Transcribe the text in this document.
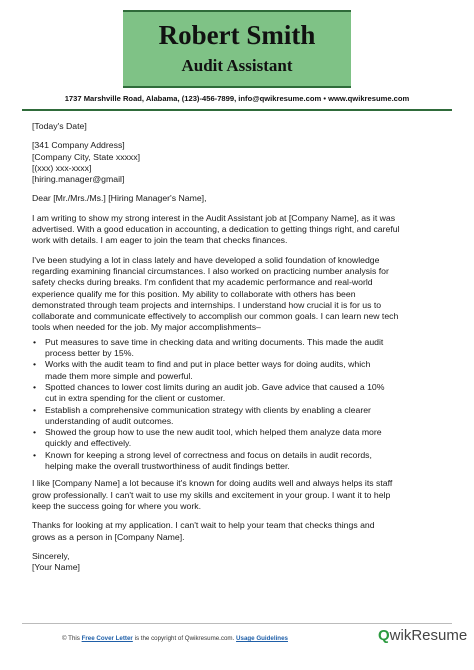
Robert Smith
Audit Assistant
1737 Marshville Road, Alabama, (123)-456-7899, info@qwikresume.com • www.qwikresume.com
[Today's Date]
[341 Company Address]
[Company City, State xxxxx]
[(xxx) xxx-xxxx]
[hiring.manager@gmail]
Dear [Mr./Mrs./Ms.] [Hiring Manager's Name],
I am writing to show my strong interest in the Audit Assistant job at [Company Name], as it was
advertised. With a good education in accounting, a dedication to getting things right, and careful
work with details. I am eager to join the team that checks finances.
I've been studying a lot in class lately and have developed a solid foundation of knowledge
regarding examining financial circumstances. I also worked on practicing number analysis for
safety checks during breaks. I'm confident that my academic performance and real-world
experience qualify me for this position. My ability to collaborate with others has been
demonstrated through team projects and internships. I understand how crucial it is for us to
collaborate and communicate effectively to accomplish our common goals. I can learn new tech
tools when needed for the job. My major accomplishments–
• Put measures to save time in checking data and writing documents. This made the audit
process better by 15%.
• Works with the audit team to find and put in place better ways for doing audits, which
made them more simple and powerful.
• Spotted chances to lower cost limits during an audit job. Gave advice that caused a 10%
cut in extra spending for the client or customer.
• Establish a comprehensive communication strategy with clients by enabling a clearer
understanding of audit outcomes.
• Showed the group how to use the new audit tool, which helped them analyze data more
quickly and effectively.
• Known for keeping a strong level of correctness and focus on details in audit records,
helping make the overall trustworthiness of audit findings better.
I like [Company Name] a lot because it's known for doing audits well and always helps its staff
grow professionally. I can't wait to use my skills and excitement in your group. I want it to help
keep the success going for where you work.
Thanks for looking at my application. I can't wait to help your team that checks things and
grows as a person in [Company Name].
Sincerely,
[Your Name]
© This Free Cover Letter is the copyright of Qwikresume.com. Usage Guidelines	QwikResume
